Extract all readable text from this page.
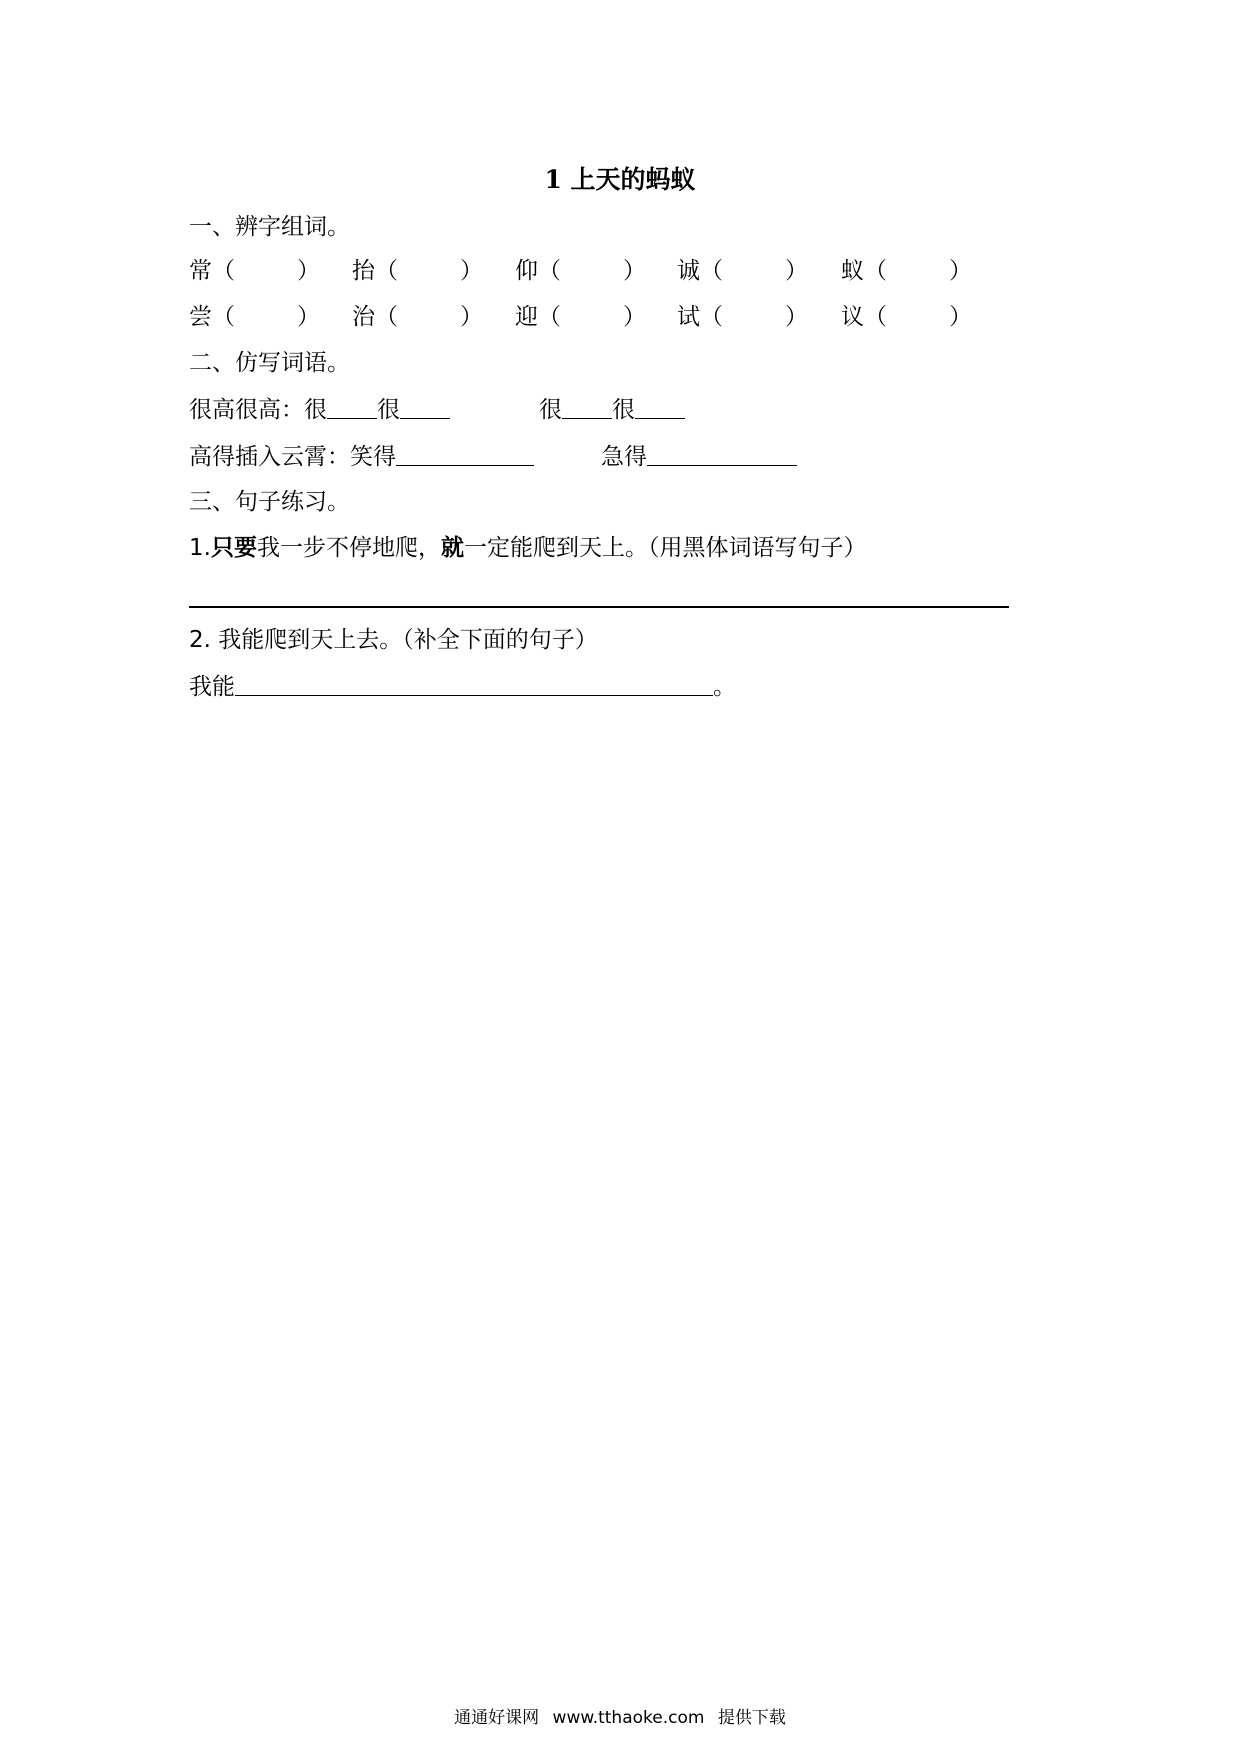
1 上天的蚂蚁
一、辨字组词。
常（	） 抬（	） 仰（	） 诚（	） 蚁（	）
尝（	） 治（	） 迎（	） 试（	） 议（	）
二、仿写词语。
很高很高：很 很	很 很
高得插入云霄：笑得	急得
三、句子练习。
1.只要我一步不停地爬，就一定能爬到天上。（用黑体词语写句子）
2. 我能爬到天上去。（补全下面的句子）
我能	。
通通好课网 www.tthaoke.com 提供下载
